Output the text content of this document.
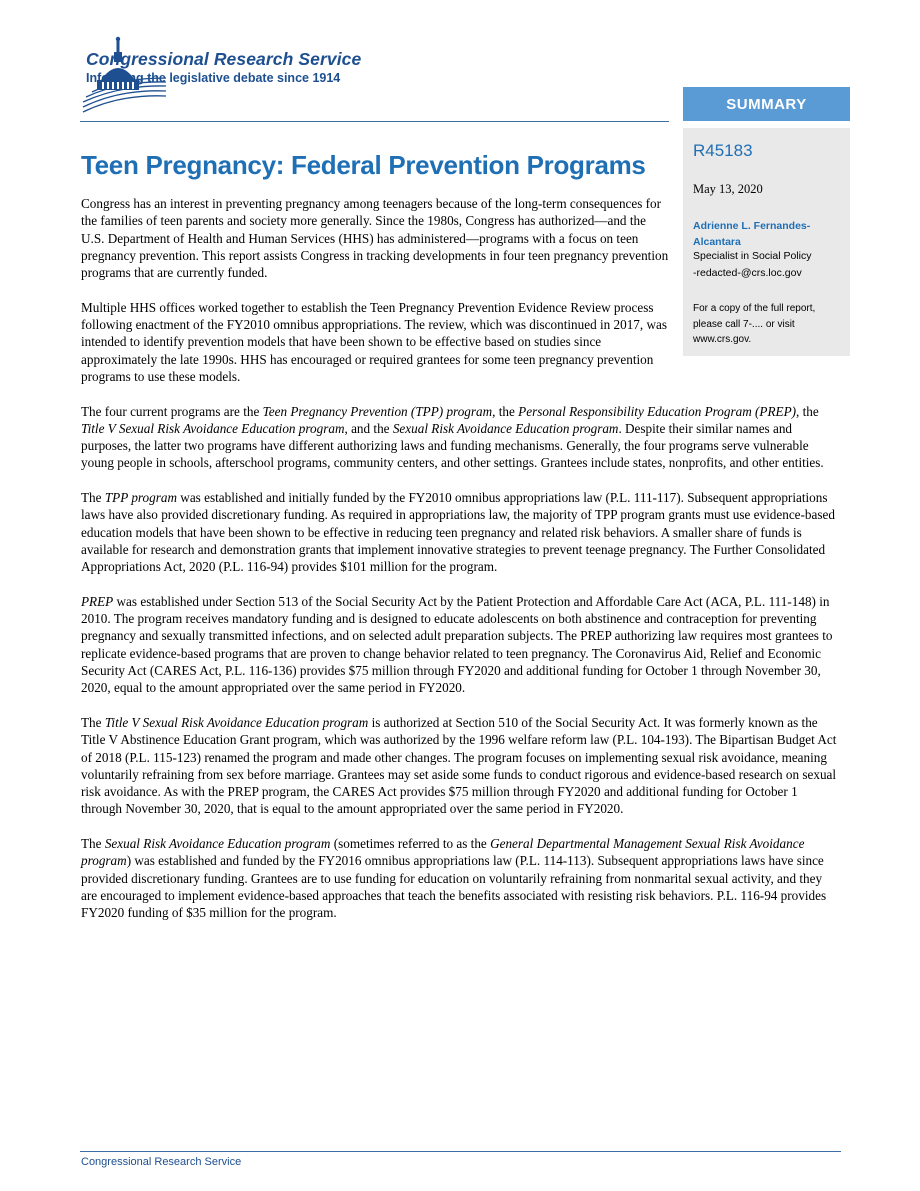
Congressional Research Service
Informing the legislative debate since 1914
SUMMARY
R45183
May 13, 2020
Adrienne L. Fernandes-Alcantara
Specialist in Social Policy
-redacted-@crs.loc.gov
For a copy of the full report, please call 7-.... or visit www.crs.gov.
Teen Pregnancy: Federal Prevention Programs

Congress has an interest in preventing pregnancy among teenagers because of the long-term consequences for the families of teen parents and society more generally. Since the 1980s, Congress has authorized—and the U.S. Department of Health and Human Services (HHS) has administered—programs with a focus on teen pregnancy prevention. This report assists Congress in tracking developments in four teen pregnancy prevention programs that are currently funded.

Multiple HHS offices worked together to establish the Teen Pregnancy Prevention Evidence Review process following enactment of the FY2010 omnibus appropriations. The review, which was discontinued in 2017, was intended to identify prevention models that have been shown to be effective based on studies since approximately the late 1990s. HHS has encouraged or required grantees for some teen pregnancy prevention programs to use these models.

The four current programs are the Teen Pregnancy Prevention (TPP) program, the Personal Responsibility Education Program (PREP), the Title V Sexual Risk Avoidance Education program, and the Sexual Risk Avoidance Education program. Despite their similar names and purposes, the latter two programs have different authorizing laws and funding mechanisms. Generally, the four programs serve vulnerable young people in schools, afterschool programs, community centers, and other settings. Grantees include states, nonprofits, and other entities.

The TPP program was established and initially funded by the FY2010 omnibus appropriations law (P.L. 111-117). Subsequent appropriations laws have also provided discretionary funding. As required in appropriations law, the majority of TPP program grants must use evidence-based education models that have been shown to be effective in reducing teen pregnancy and related risk behaviors. A smaller share of funds is available for research and demonstration grants that implement innovative strategies to prevent teenage pregnancy. The Further Consolidated Appropriations Act, 2020 (P.L. 116-94) provides $101 million for the program.

PREP was established under Section 513 of the Social Security Act by the Patient Protection and Affordable Care Act (ACA, P.L. 111-148) in 2010. The program receives mandatory funding and is designed to educate adolescents on both abstinence and contraception for preventing pregnancy and sexually transmitted infections, and on selected adult preparation subjects. The PREP authorizing law requires most grantees to replicate evidence-based programs that are proven to change behavior related to teen pregnancy. The Coronavirus Aid, Relief and Economic Security Act (CARES Act, P.L. 116-136) provides $75 million through FY2020 and additional funding for October 1 through November 30, 2020, equal to the amount appropriated over the same period in FY2020.

The Title V Sexual Risk Avoidance Education program is authorized at Section 510 of the Social Security Act. It was formerly known as the Title V Abstinence Education Grant program, which was authorized by the 1996 welfare reform law (P.L. 104-193). The Bipartisan Budget Act of 2018 (P.L. 115-123) renamed the program and made other changes. The program focuses on implementing sexual risk avoidance, meaning voluntarily refraining from sex before marriage. Grantees may set aside some funds to conduct rigorous and evidence-based research on sexual risk avoidance. As with the PREP program, the CARES Act provides $75 million through FY2020 and additional funding for October 1 through November 30, 2020, that is equal to the amount appropriated over the same period in FY2020.

The Sexual Risk Avoidance Education program (sometimes referred to as the General Departmental Management Sexual Risk Avoidance program) was established and funded by the FY2016 omnibus appropriations law (P.L. 114-113). Subsequent appropriations laws have since provided discretionary funding. Grantees are to use funding for education on voluntarily refraining from nonmarital sexual activity, and they are encouraged to implement evidence-based approaches that teach the benefits associated with resisting risk behaviors. P.L. 116-94 provides FY2020 funding of $35 million for the program.

Congressional Research Service
